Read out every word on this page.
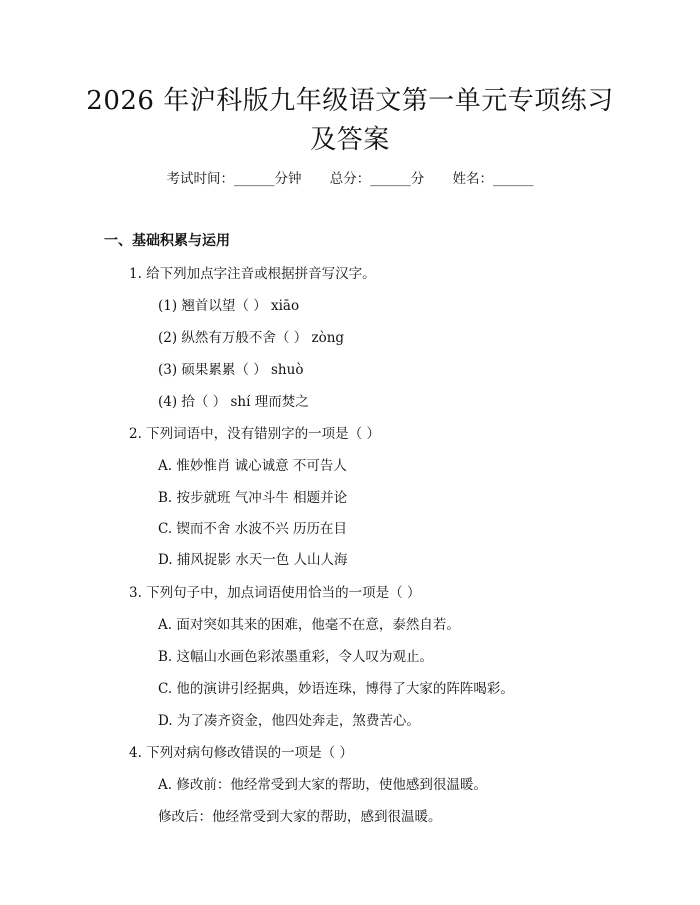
2026 年沪科版九年级语文第一单元专项练习
及答案
考试时间：______分钟 总分：______分 姓名：______
一、基础积累与运用
1. 给下列加点字注音或根据拼音写汉字。
(1) 翘首以望（ ） xiāo
(2) 纵然有万般不舍（ ） zòng
(3) 硕果累累（ ） shuò
(4) 拾（ ） shí 理而焚之
2. 下列词语中，没有错别字的一项是（ ）
A. 惟妙惟肖 诚心诚意 不可告人
B. 按步就班 气冲斗牛 相题并论
C. 锲而不舍 水波不兴 历历在目
D. 捕风捉影 水天一色 人山人海
3. 下列句子中，加点词语使用恰当的一项是（ ）
A. 面对突如其来的困难，他毫不在意，泰然自若。
B. 这幅山水画色彩浓墨重彩，令人叹为观止。
C. 他的演讲引经据典，妙语连珠，博得了大家的阵阵喝彩。
D. 为了凑齐资金，他四处奔走，煞费苦心。
4. 下列对病句修改错误的一项是（ ）
A. 修改前：他经常受到大家的帮助，使他感到很温暖。
修改后：他经常受到大家的帮助，感到很温暖。
